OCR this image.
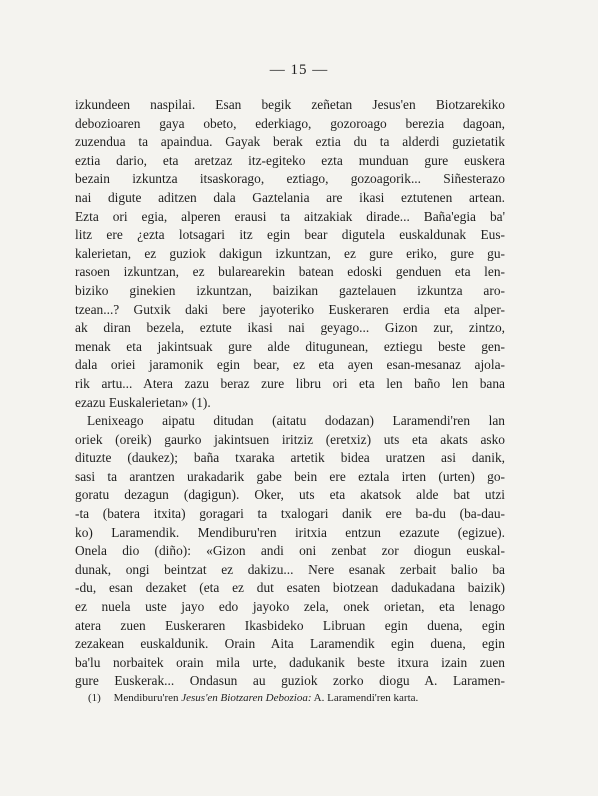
— 15 —
izkundeen naspilai. Esan begik zeñetan Jesus'en Biotzarekiko
debozioaren gaya obeto, ederkiago, gozoroago berezia dagoan,
zuzendua ta apaindua. Gayak berak eztia du ta alderdi guzietatik
eztia dario, eta aretzaz itz-egiteko ezta munduan gure euskera
bezain izkuntza itsaskorago, eztiago, gozoagorik... Siñesterazo
nai digute aditzen dala Gaztelania are ikasi eztutenen artean.
Ezta ori egia, alperen erausi ta aitzakiak dirade... Baña'egia ba'
litz ere ¿ezta lotsagari itz egin bear digutela euskaldunak Eus-
kalerietan, ez guziok dakigun izkuntzan, ez gure eriko, gure gu-
rasoen izkuntzan, ez bularearekin batean edoski genduen eta len-
biziko ginekien izkuntzan, baizikan gaztelauen izkuntza aro-
tzean...? Gutxik daki bere jayoteriko Euskeraren erdia eta alper-
ak diran bezela, eztute ikasi nai geyago... Gizon zur, zintzo,
menak eta jakintsuak gure alde ditugunean, eztiegu beste gen-
dala oriei jaramonik egin bear, ez eta ayen esan-mesanaz ajola-
rik artu... Atera zazu beraz zure libru ori eta len baño len bana
ezazu Euskalerietan» (1).
Lenixeago aipatu ditudan (aitatu dodazan) Laramendi'ren lan
oriek (oreik) gaurko jakintsuen iritziz (eretxiz) uts eta akats asko
dituzte (daukez); baña txaraka artetik bidea uratzen asi danik,
sasi ta arantzen urakadarik gabe bein ere eztala irten (urten) go-
goratu dezagun (dagigun). Oker, uts eta akatsok alde bat utzi
-ta (batera itxita) goragari ta txalogari danik ere ba-du (ba-dau-
ko) Laramendik. Mendiburu'ren iritxia entzun ezazute (egizue).
Onela dio (diño): «Gizon andi oni zenbat zor diogun euskal-
dunak, ongi beintzat ez dakizu... Nere esanak zerbait balio ba
-du, esan dezaket (eta ez dut esaten biotzean dadukadana baizik)
ez nuela uste jayo edo jayoko zela, onek orietan, eta lenago
atera zuen Euskeraren Ikasbideko Libruan egin duena, egin
zezakean euskaldunik. Orain Aita Laramendik egin duena, egin
ba'lu norbaitek orain mila urte, dadukanik beste itxura izain zuen
gure Euskerak... Ondasun au guziok zorko diogu A. Laramen-
(1) Mendiburu'ren Jesus'en Biotzaren Debozioa: A. Laramendi'ren karta.
